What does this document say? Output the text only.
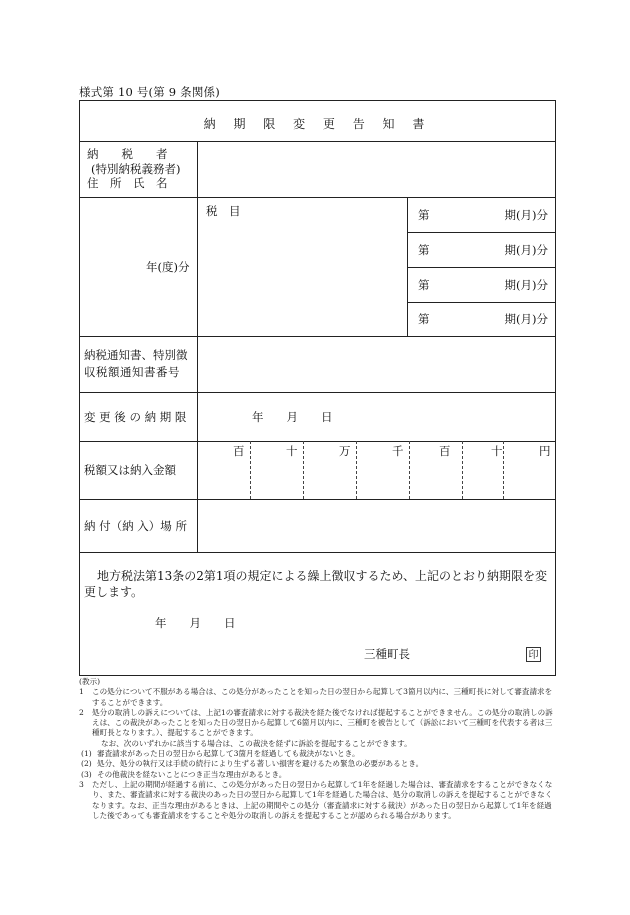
様式第 10 号(第 9 条関係)
納 期 限 変 更 告 知 書
納　　税　　者
(特別納税義務者)
住　所　氏　名
年(度)分
税　目	第	期(月)分
第	期(月)分
第	期(月)分
第	期(月)分
納税通知書、特別徴
収税額通知書番号
変 更 後 の 納 期 限	年　　月　　日
税額又は納入金額
百	十	万	千	百	十	円
納 付（納 入）場 所
地方税法第13条の2第1項の規定による繰上徴収するため、上記のとおり納期限を変更します。
年　　月　　日
三種町長	印
(教示)
1 この処分について不服がある場合は、この処分があったことを知った日の翌日から起算して3箇月以内に、三種町長に対して審査請求をすることができます。
2 処分の取消しの訴えについては、上記1の審査請求に対する裁決を経た後でなければ提起することができません。この処分の取消しの訴えは、この裁決があったことを知った日の翌日から起算して6箇月以内に、三種町を被告として（訴訟において三種町を代表する者は三種町長となります。）、提起することができます。
なお、次のいずれかに該当する場合は、この裁決を経ずに訴訟を提起することができます。
(1) 審査請求があった日の翌日から起算して3箇月を経過しても裁決がないとき。
(2) 処分、処分の執行又は手続の続行により生ずる著しい損害を避けるため緊急の必要があるとき。
(3) その他裁決を経ないことにつき正当な理由があるとき。
3 ただし、上記の期間が経過する前に、この処分があった日の翌日から起算して1年を経過した場合は、審査請求をすることができなくなり、また、審査請求に対する裁決のあった日の翌日から起算して1年を経過した場合は、処分の取消しの訴えを提起することができなくなります。なお、正当な理由があるときは、上記の期間やこの処分（審査請求に対する裁決）があった日の翌日から起算して1年を経過した後であっても審査請求をすることや処分の取消しの訴えを提起することが認められる場合があります。
